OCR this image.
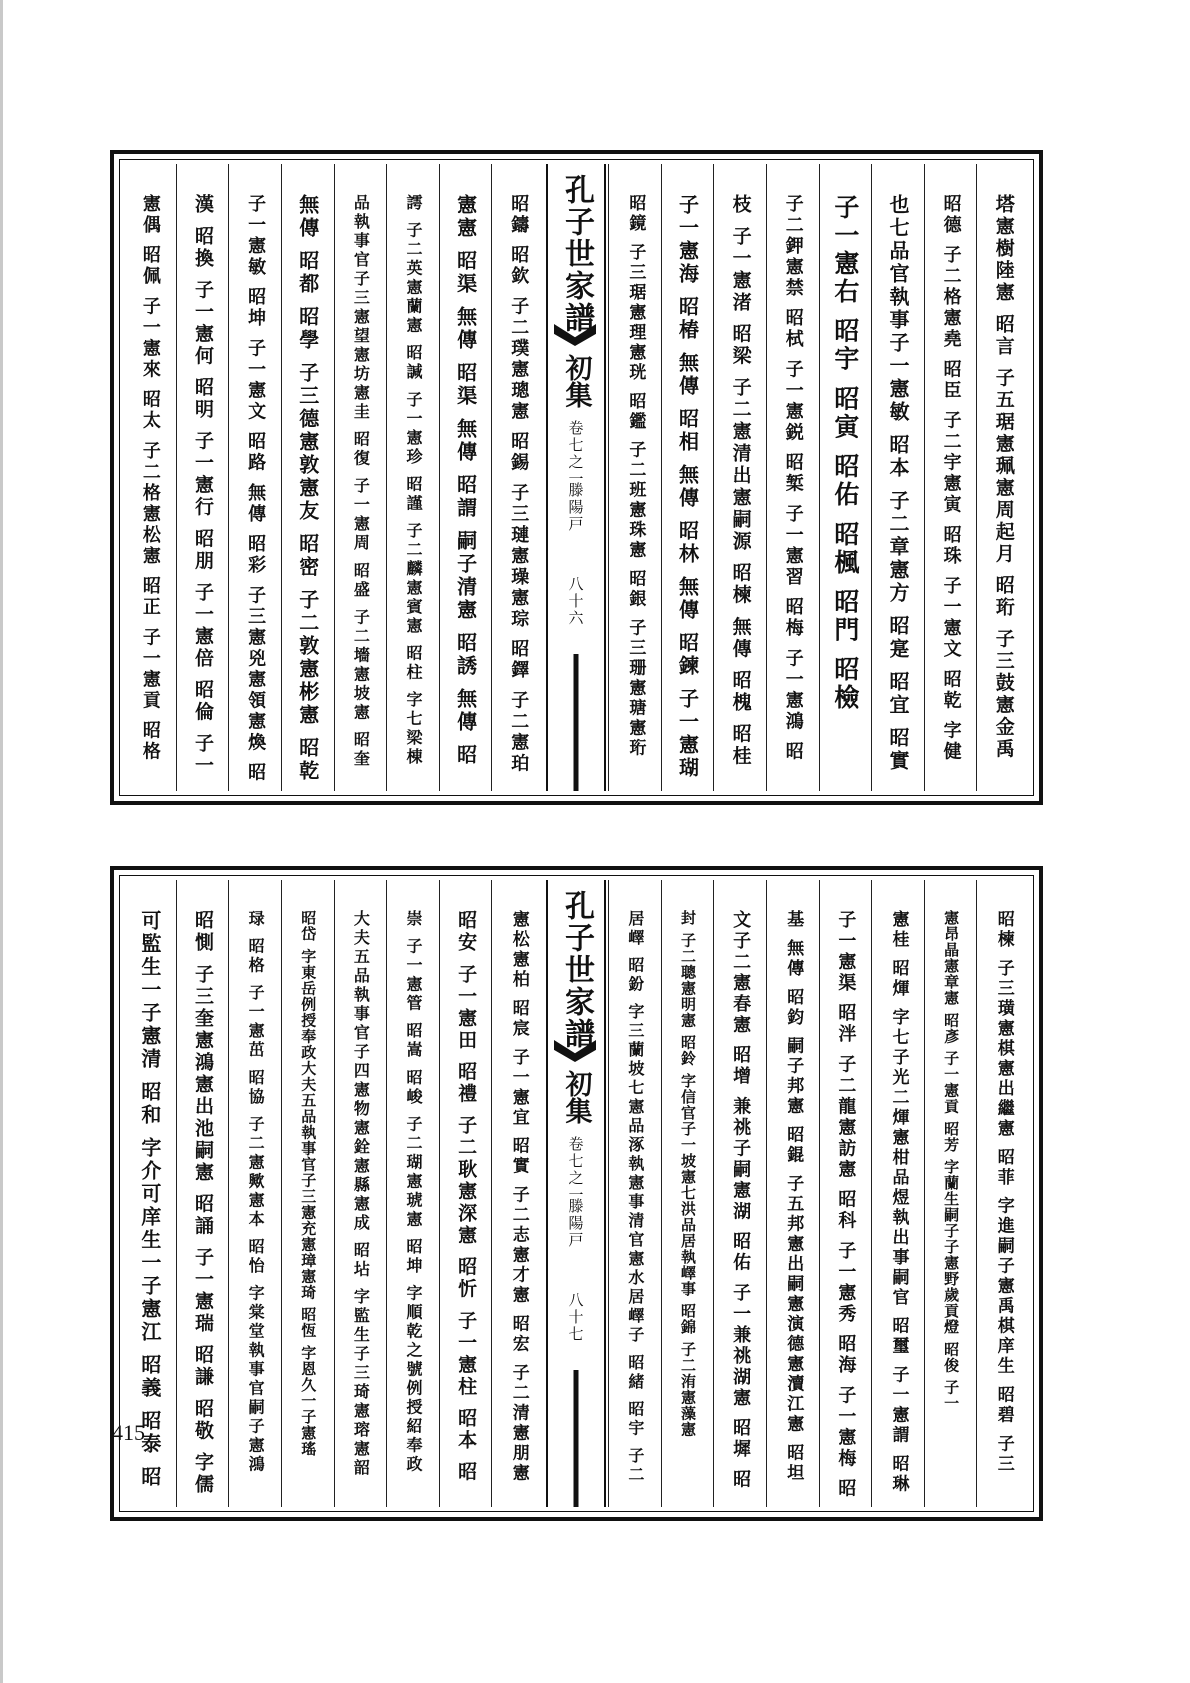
塔憲樹陸憲 昭言 子五琚憲珮憲周起月 昭珩 子三鼓憲金禹
昭德 子二格憲堯 昭臣 子二宇憲寅 昭珠 子一憲文 昭乾 字健
也七品官執事子一憲敏 昭本 子二章憲方 昭寔 昭宜 昭實
子一憲右 昭宇 昭寅 昭佑 昭楓 昭門 昭檢
子二鉀憲禁 昭栻 子一憲鋭 昭椠 子一憲習 昭梅 子一憲鴻 昭
枝 子一憲渚 昭梁 子二憲清出憲嗣源 昭楝 無傳 昭槐 昭桂
子一憲海 昭椿 無傳 昭相 無傳 昭林 無傳 昭鍊 子一憲瑚
昭鏡 子三琚憲理憲珖 昭鑑 子二班憲珠憲 昭銀 子三珊憲瑭憲珩
孔子世家譜
初集
卷七之一
滕陽戸
八十六
昭鑄 昭欽 子二璞憲璁憲 昭錫 子三璉憲璪憲琮 昭鐸 子二憲珀
憲憲 昭渠 無傳 昭渠 無傳 昭謂 嗣子清憲 昭誘 無傳 昭
謣 子二英憲蘭憲 昭諴 子一憲珍 昭謹 子二麟憲賓憲 昭柱 字七梁棟
品執事官子三憲望憲坊憲圭 昭復 子一憲周 昭盛 子二墻憲坡憲 昭奎
無傳 昭都 昭學 子三德憲敦憲友 昭密 子二敦憲彬憲 昭乾
子一憲敏 昭坤 子一憲文 昭路 無傳 昭彩 子三憲兇憲領憲煥 昭
漢 昭換 子一憲何 昭明 子一憲行 昭朋 子一憲倍 昭倫 子一
憲偶 昭佩 子一憲來 昭太 子二格憲松憲 昭正 子一憲貢 昭格
昭楝 子三璜憲棋憲出繼憲 昭菲 字進嗣子憲禹棋庠生 昭碧 子三
憲昂晶憲章憲 昭彥 子一憲貢 昭芳 字蘭生嗣子子憲野歲貢燈 昭俊 子一
憲桂 昭煇 字七子光二煇憲柑品煜執出事嗣官 昭璽 子一憲謂 昭琳
子一憲渠 昭泮 子二龍憲訪憲 昭科 子一憲秀 昭海 子一憲梅 昭
基 無傳 昭鈞 嗣子邦憲 昭錕 子五邦憲出嗣憲演德憲瀆江憲 昭坦
文子二憲春憲 昭增 兼祧子嗣憲湖 昭佑 子一兼祧湖憲 昭墀 昭
封 子二聰憲明憲 昭鈴 字信官子一坡憲七洪品居執嶧事 昭錦 子二洧憲藻憲
居嶧 昭鈖 字三蘭坡七憲品涿執憲事清官憲水居嶧子 昭緒 昭宇 子二
孔子世家譜
初集
卷七之一
滕陽戸
八十七
憲松憲柏 昭宸 子一憲宜 昭實 子二志憲才憲 昭宏 子二清憲朋憲
昭安 子一憲田 昭禮 子二耿憲深憲 昭忻 子一憲柱 昭本 昭
崇 子一憲管 昭嵩 昭峻 子二瑚憲琥憲 昭坤 字順乾之號例授紹奉政
大夫五品執事官子四憲物憲銓憲縣憲成 昭坫 字監生子三琦憲瑢憲韶
昭岱 字東岳例授奉政大夫五品執事官子三憲充憲璋憲琦 昭恆 字恩久一子憲瑤
琭 昭格 子一憲茁 昭協 子二憲歟憲本 昭怡 字棠堂執事官嗣子憲鴻
昭惻 子三奎憲鴻憲出池嗣憲 昭誦 子一憲瑞 昭謙 昭敬 字儒
可監生一子憲清 昭和 字介可庠生一子憲江 昭義 昭泰 昭
415
